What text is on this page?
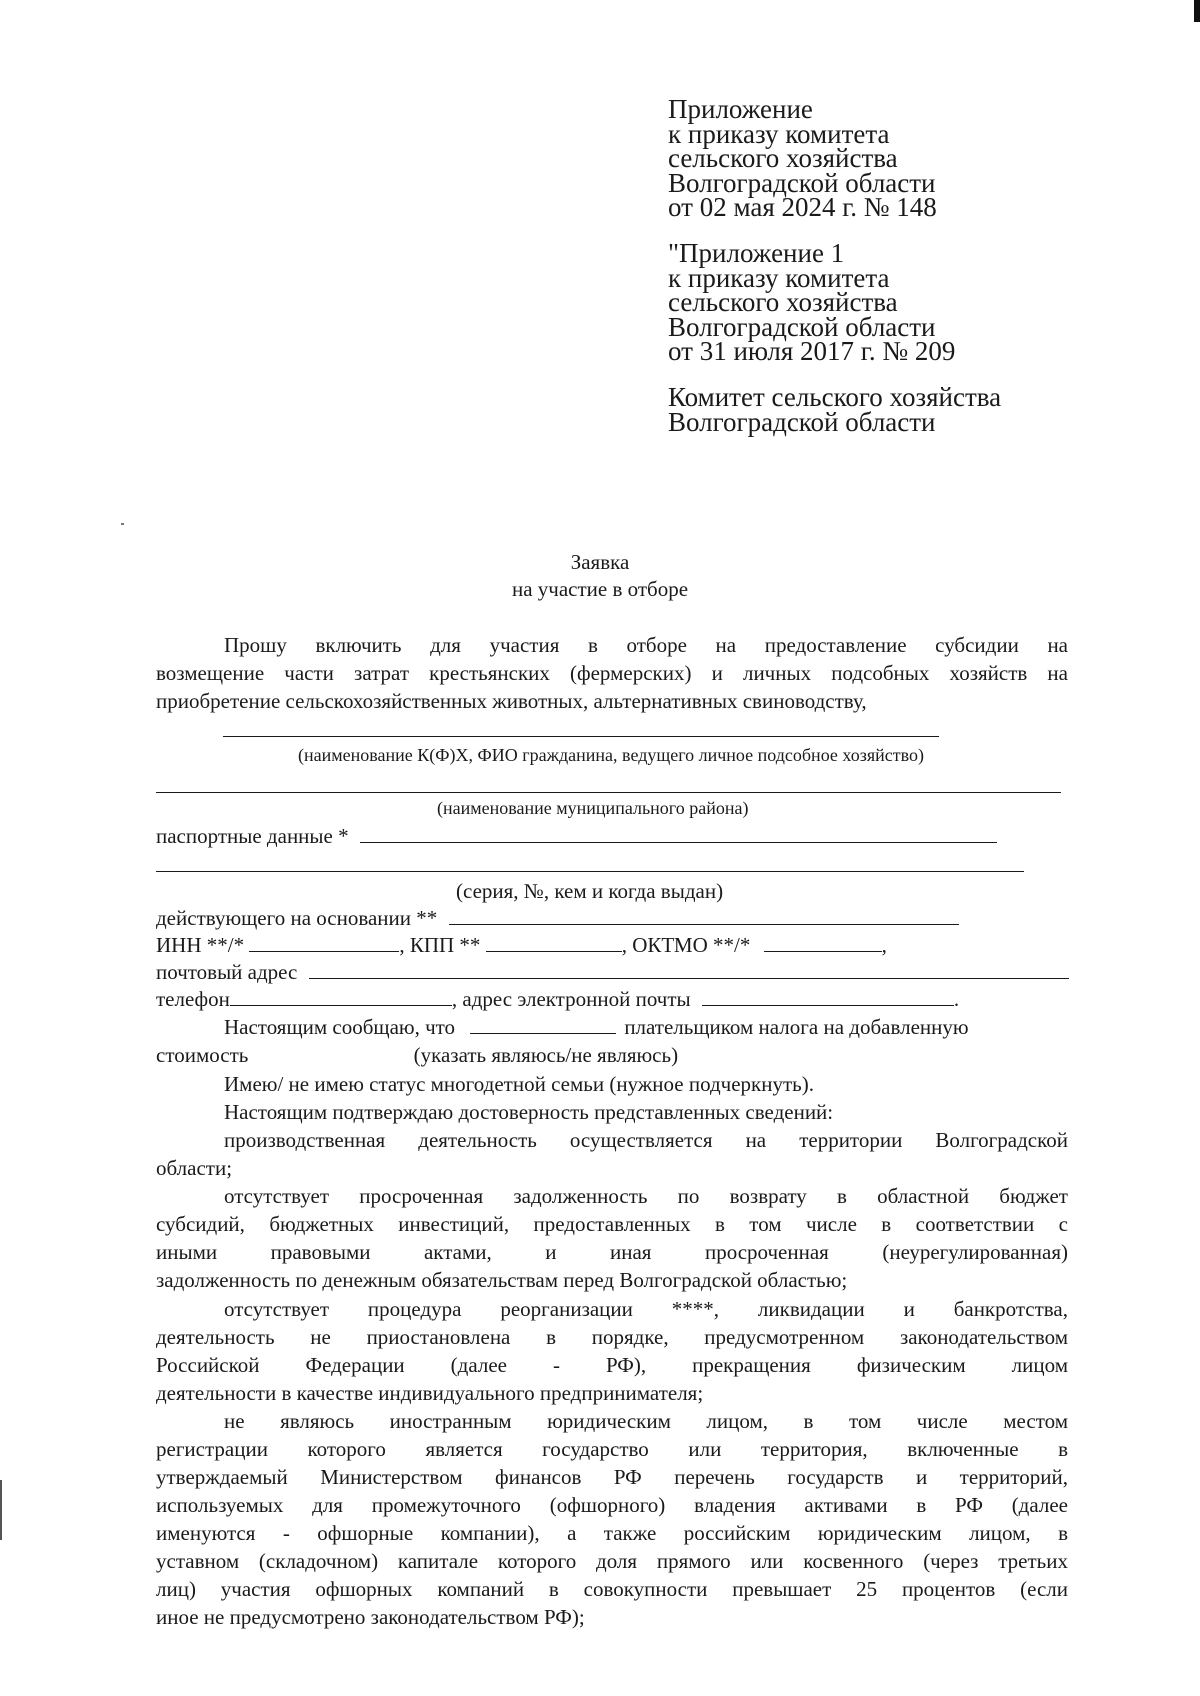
Приложение
к приказу комитета
сельского хозяйства
Волгоградской области
от 02 мая 2024 г. № 148
"Приложение 1
к приказу комитета
сельского хозяйства
Волгоградской области
от 31 июля 2017 г. № 209
Комитет сельского хозяйства
Волгоградской области
Заявка
на участие в отборе
Прошу включить для участия в отборе на предоставление субсидии на
возмещение части затрат крестьянских (фермерских) и личных подсобных хозяйств на
приобретение сельскохозяйственных животных, альтернативных свиноводству,
(наименование К(Ф)Х, ФИО гражданина, ведущего личное подсобное хозяйство)
(наименование муниципального района)
паспортные данные *
(серия, №, кем и когда выдан)
действующего на основании **
ИНН **/*	, КПП **	, ОКТМО **/*	,
почтовый адрес
телефон	, адрес электронной почты	.
Настоящим сообщаю, что	плательщиком налога на добавленную
стоимость	(указать являюсь/не являюсь)
Имею/ не имею статус многодетной семьи (нужное подчеркнуть).
Настоящим подтверждаю достоверность представленных сведений:
производственная деятельность осуществляется на территории Волгоградской
области;
отсутствует просроченная задолженность по возврату в областной бюджет
субсидий, бюджетных инвестиций, предоставленных в том числе в соответствии с
иными правовыми актами, и иная просроченная (неурегулированная)
задолженность по денежным обязательствам перед Волгоградской областью;
отсутствует процедура реорганизации ****, ликвидации и банкротства,
деятельность не приостановлена в порядке, предусмотренном законодательством
Российской Федерации (далее - РФ), прекращения физическим лицом
деятельности в качестве индивидуального предпринимателя;
не являюсь иностранным юридическим лицом, в том числе местом
регистрации которого является государство или территория, включенные в
утверждаемый Министерством финансов РФ перечень государств и территорий,
используемых для промежуточного (офшорного) владения активами в РФ (далее
именуются - офшорные компании), а также российским юридическим лицом, в
уставном (складочном) капитале которого доля прямого или косвенного (через третьих
лиц) участия офшорных компаний в совокупности превышает 25 процентов (если
иное не предусмотрено законодательством РФ);
